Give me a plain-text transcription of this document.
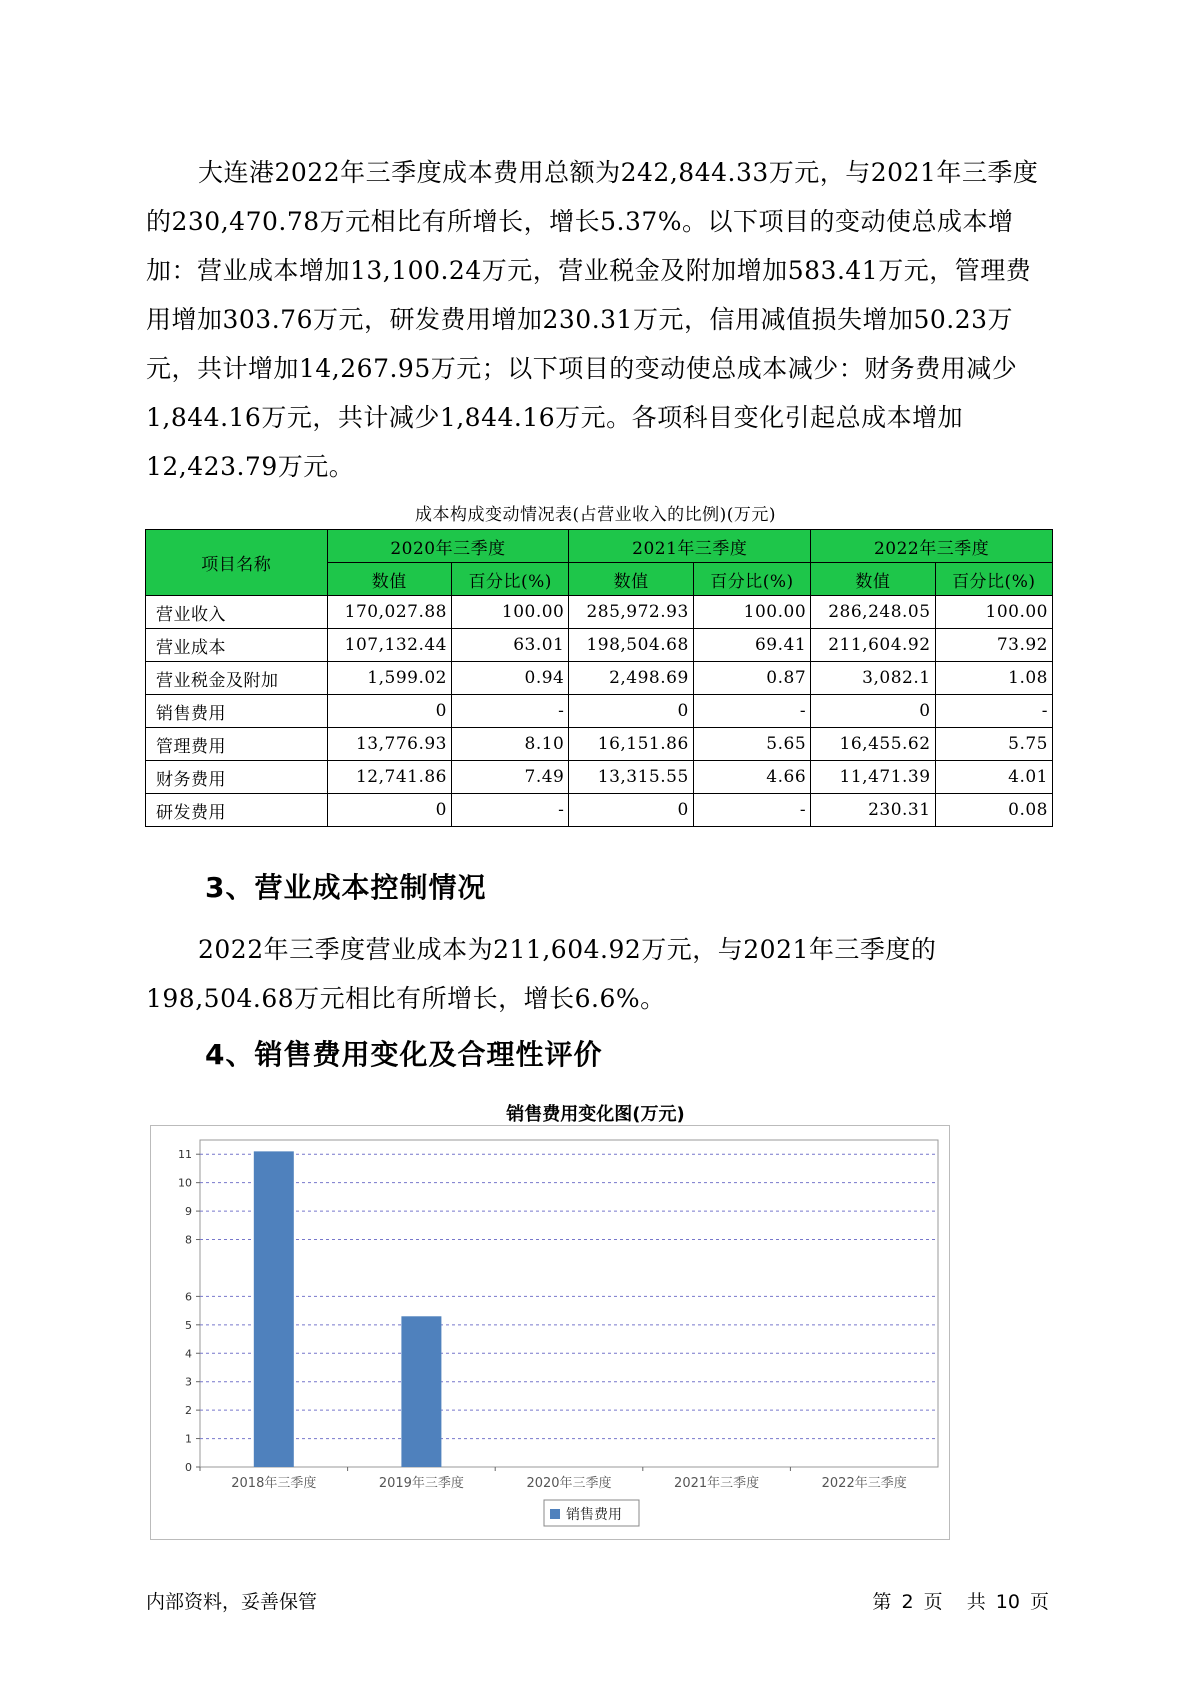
大连港2022年三季度成本费用总额为242,844.33万元，与2021年三季度的230,470.78万元相比有所增长，增长5.37%。以下项目的变动使总成本增加：营业成本增加13,100.24万元，营业税金及附加增加583.41万元，管理费用增加303.76万元，研发费用增加230.31万元，信用减值损失增加50.23万元，共计增加14,267.95万元；以下项目的变动使总成本减少：财务费用减少1,844.16万元，共计减少1,844.16万元。各项科目变化引起总成本增加12,423.79万元。

成本构成变动情况表(占营业收入的比例)(万元)
项目名称	2020年三季度		2021年三季度		2022年三季度	
	数值	百分比(%)	数值	百分比(%)	数值	百分比(%)
营业收入	170,027.88	100.00	285,972.93	100.00	286,248.05	100.00
营业成本	107,132.44	63.01	198,504.68	69.41	211,604.92	73.92
营业税金及附加	1,599.02	0.94	2,498.69	0.87	3,082.1	1.08
销售费用	0	-	0	-	0	-
管理费用	13,776.93	8.10	16,151.86	5.65	16,455.62	5.75
财务费用	12,741.86	7.49	13,315.55	4.66	11,471.39	4.01
研发费用	0	-	0	-	230.31	0.08
3、营业成本控制情况

2022年三季度营业成本为211,604.92万元，与2021年三季度的198,504.68万元相比有所增长，增长6.6%。

4、销售费用变化及合理性评价
销售费用变化图(万元)
0
1
2
3
4
5
6
8
9
10
11
2018年三季度	2019年三季度	2020年三季度	2021年三季度	2022年三季度
销售费用
内部资料，妥善保管	第 2 页 共 10 页
